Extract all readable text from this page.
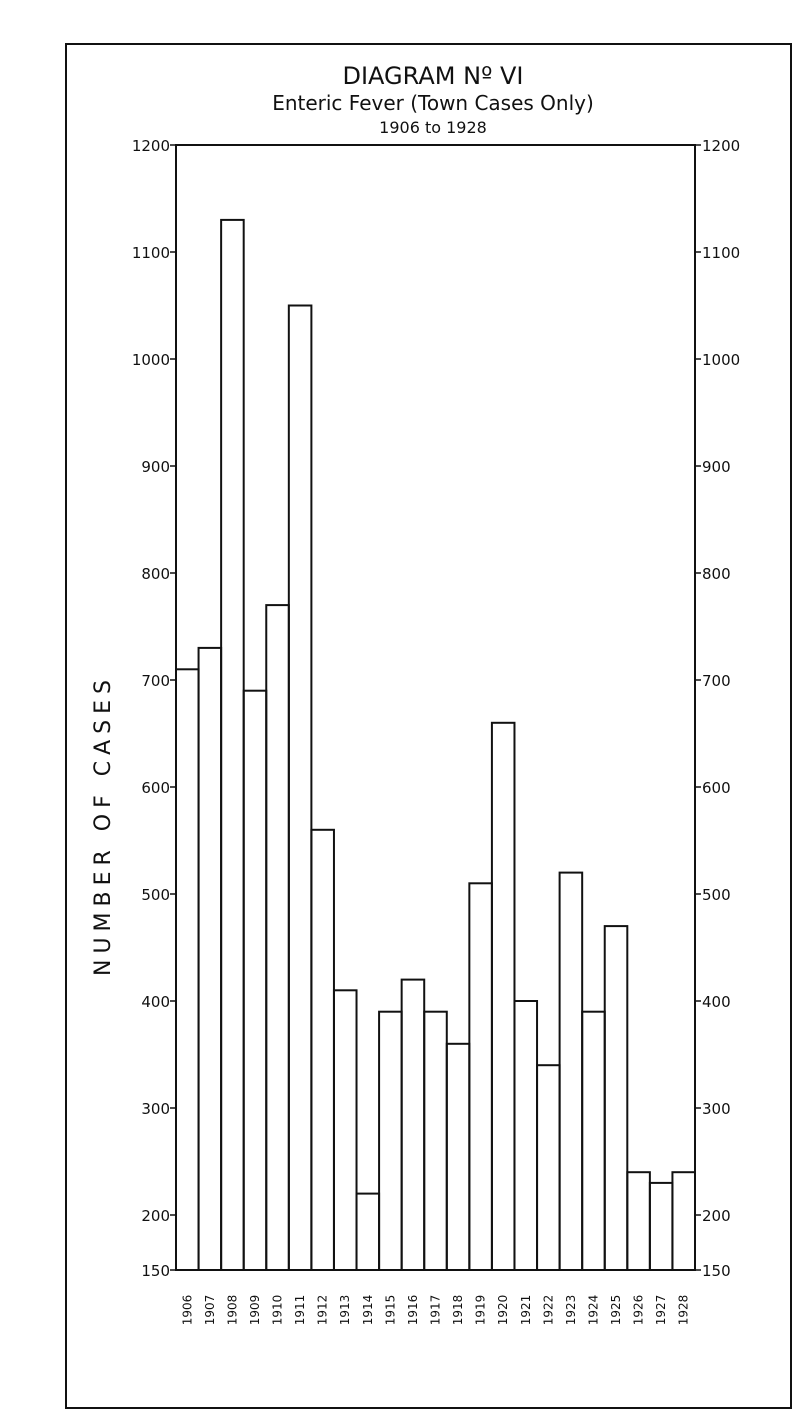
DIAGRAM Nº VI
Enteric Fever (Town Cases Only)
1906 to 1928
NUMBER OF CASES
1200
1100
1000
900
800
700
600
500
400
300
200
150
1200
1100
1000
900
800
700
600
500
400
300
200
150
1906 1907 1908 1909 1910 1911 1912 1913 1914 1915 1916 1917 1918 1919 1920 1921 1922 1923 1924 1925 1926 1927 1928
